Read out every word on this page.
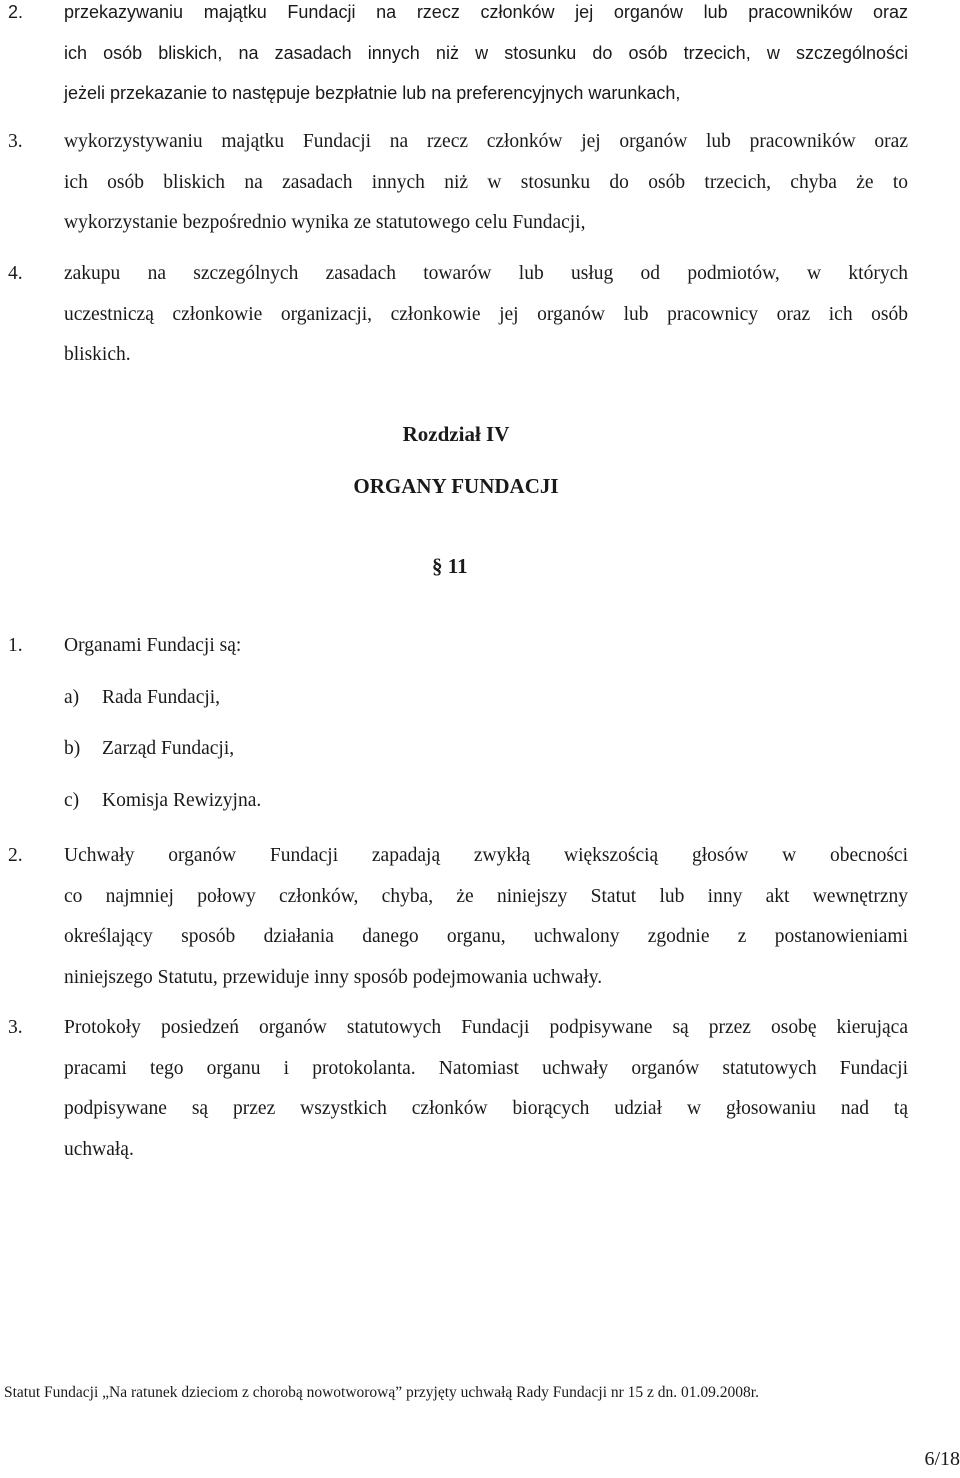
2.	przekazywaniu majątku Fundacji na rzecz członków jej organów lub pracowników oraz
ich osób bliskich, na zasadach innych niż w stosunku do osób trzecich, w szczególności
jeżeli przekazanie to następuje bezpłatnie lub na preferencyjnych warunkach,
3.	wykorzystywaniu majątku Fundacji na rzecz członków jej organów lub pracowników oraz
ich osób bliskich na zasadach innych niż w stosunku do osób trzecich, chyba że to
wykorzystanie bezpośrednio wynika ze statutowego celu Fundacji,
4.	zakupu na szczególnych zasadach towarów lub usług od podmiotów, w których
uczestniczą członkowie organizacji, członkowie jej organów lub pracownicy oraz ich osób
bliskich.
Rozdział IV
ORGANY FUNDACJI
§ 11
1.	Organami Fundacji są:
a) Rada Fundacji,
b) Zarząd Fundacji,
c) Komisja Rewizyjna.
2.	Uchwały organów Fundacji zapadają zwykłą większością głosów w obecności
co najmniej połowy członków, chyba, że niniejszy Statut lub inny akt wewnętrzny
określający sposób działania danego organu, uchwalony zgodnie z postanowieniami
niniejszego Statutu, przewiduje inny sposób podejmowania uchwały.
3.	Protokoły posiedzeń organów statutowych Fundacji podpisywane są przez osobę kierująca
pracami tego organu i protokolanta. Natomiast uchwały organów statutowych Fundacji
podpisywane są przez wszystkich członków biorących udział w głosowaniu nad tą
uchwałą.
Statut Fundacji „Na ratunek dzieciom z chorobą nowotworową” przyjęty uchwałą Rady Fundacji nr 15 z dn. 01.09.2008r.
6/18
